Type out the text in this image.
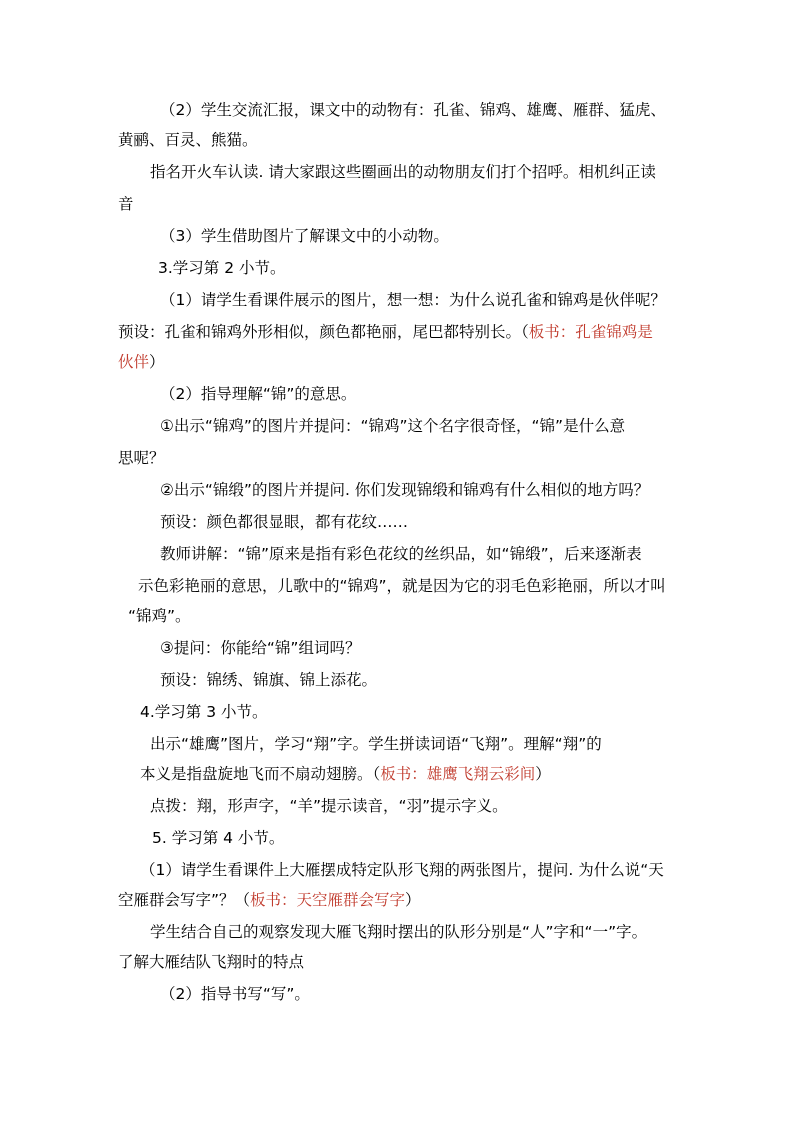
（2）学生交流汇报，课文中的动物有：孔雀、锦鸡、雄鹰、雁群、猛虎、
黄鹂、百灵、熊猫。
指名开火车认读. 请大家跟这些圈画出的动物朋友们打个招呼。相机纠正读
音
（3）学生借助图片了解课文中的小动物。
3.学习第 2 小节。
（1）请学生看课件展示的图片，想一想：为什么说孔雀和锦鸡是伙伴呢？
预设：孔雀和锦鸡外形相似，颜色都艳丽，尾巴都特别长。（板书：孔雀锦鸡是
伙伴）
（2）指导理解“锦”的意思。
①出示“锦鸡”的图片并提问：“锦鸡”这个名字很奇怪，“锦”是什么意
思呢？
②出示“锦缎”的图片并提问. 你们发现锦缎和锦鸡有什么相似的地方吗？
预设：颜色都很显眼，都有花纹……
教师讲解：“锦”原来是指有彩色花纹的丝织品，如“锦缎”，后来逐渐表
示色彩艳丽的意思，儿歌中的“锦鸡”，就是因为它的羽毛色彩艳丽，所以才叫
“锦鸡”。
③提问：你能给“锦”组词吗？
预设：锦绣、锦旗、锦上添花。
4.学习第 3 小节。
出示“雄鹰”图片，学习“翔”字。学生拼读词语“飞翔”。理解“翔”的
本义是指盘旋地飞而不扇动翅膀。（板书：雄鹰飞翔云彩间）
点拨：翔，形声字，“羊”提示读音，“羽”提示字义。
5. 学习第 4 小节。
（1）请学生看课件上大雁摆成特定队形飞翔的两张图片，提问. 为什么说“天
空雁群会写字”？（板书：天空雁群会写字）
学生结合自己的观察发现大雁飞翔时摆出的队形分别是“人”字和“一”字。
了解大雁结队飞翔时的特点
（2）指导书写“写”。
